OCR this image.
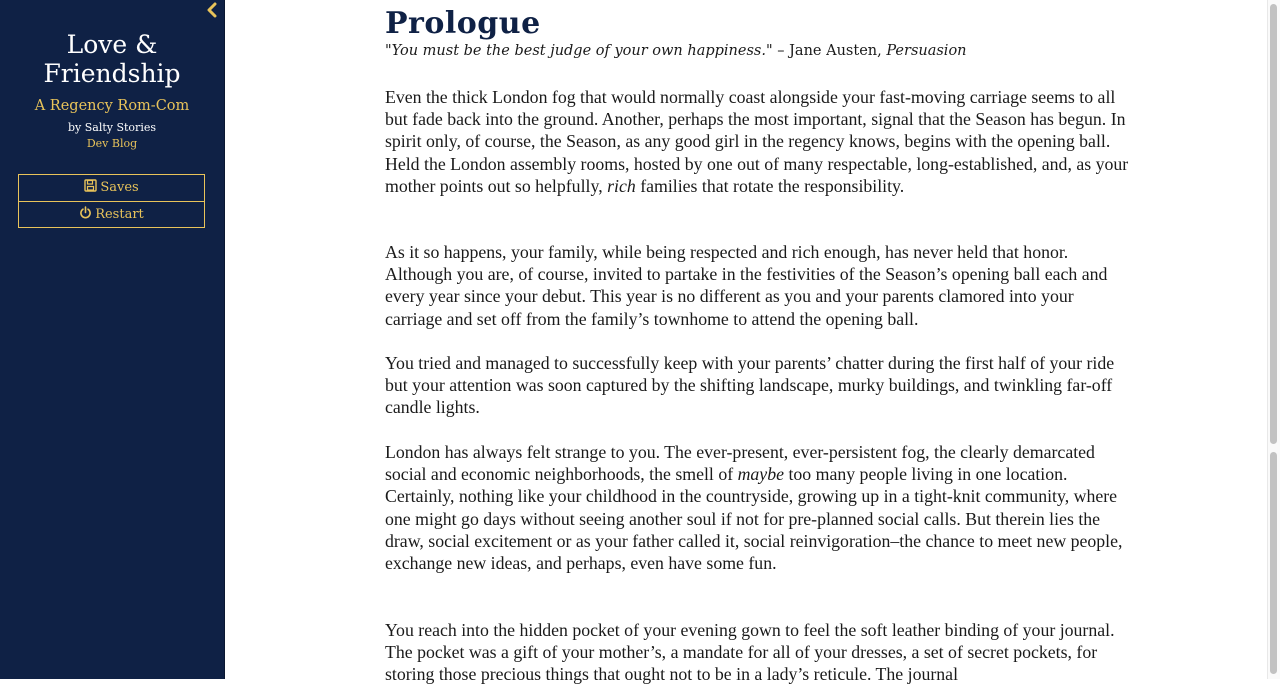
Love &
Friendship
A Regency Rom-Com
by Salty Stories
Dev Blog
Saves
Restart
Prologue

"You must be the best judge of your own happiness." – Jane Austen, Persuasion

Even the thick London fog that would normally coast alongside your fast-moving carriage seems to all but fade back into the ground. Another, perhaps the most important, signal that the Season has begun. In spirit only, of course, the Season, as any good girl in the regency knows, begins with the opening ball. Held the London assembly rooms, hosted by one out of many respectable, long-established, and, as your mother points out so helpfully, rich families that rotate the responsibility.

As it so happens, your family, while being respected and rich enough, has never held that honor. Although you are, of course, invited to partake in the festivities of the Season’s opening ball each and every year since your debut. This year is no different as you and your parents clamored into your carriage and set off from the family’s townhome to attend the opening ball.

You tried and managed to successfully keep with your parents’ chatter during the first half of your ride but your attention was soon captured by the shifting landscape, murky buildings, and twinkling far-off candle lights.

London has always felt strange to you. The ever-present, ever-persistent fog, the clearly demarcated social and economic neighborhoods, the smell of maybe too many people living in one location. Certainly, nothing like your childhood in the countryside, growing up in a tight-knit community, where one might go days without seeing another soul if not for pre-planned social calls. But therein lies the draw, social excitement or as your father called it, social reinvigoration–the chance to meet new people, exchange new ideas, and perhaps, even have some fun.

You reach into the hidden pocket of your evening gown to feel the soft leather binding of your journal. The pocket was a gift of your mother’s, a mandate for all of your dresses, a set of secret pockets, for storing those precious things that ought not to be in a lady’s reticule. The journal
